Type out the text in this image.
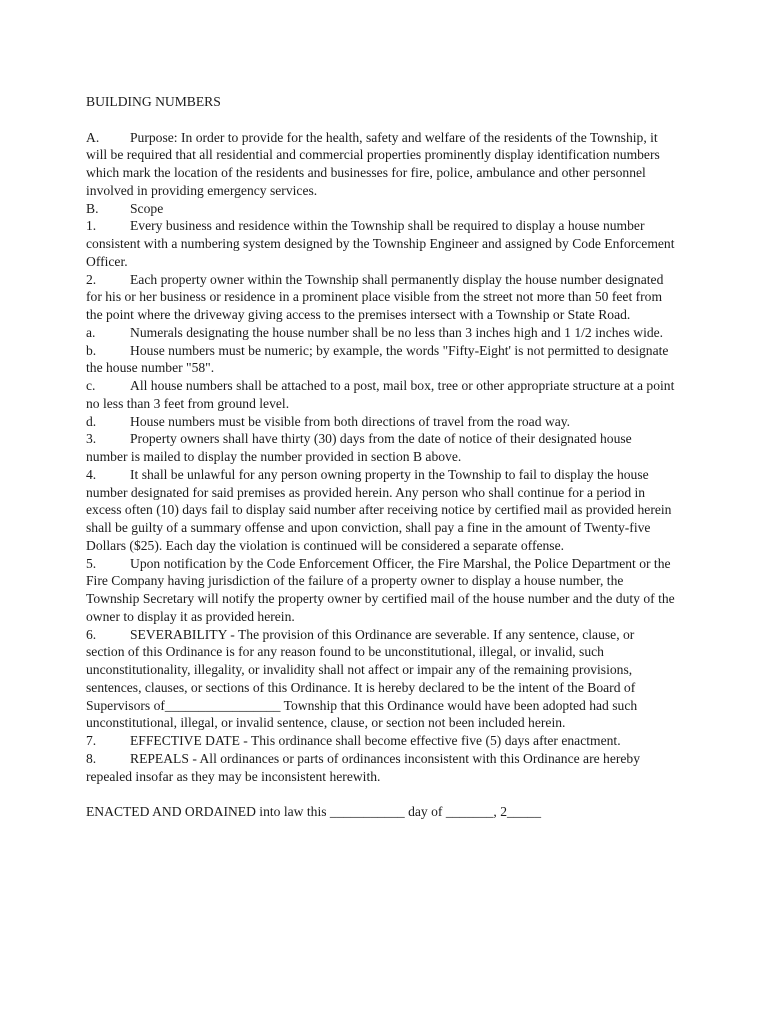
BUILDING NUMBERS

A. Purpose: In order to provide for the health, safety and welfare of the residents of the Township, it will be required that all residential and commercial properties prominently display identification numbers which mark the location of the residents and businesses for fire, police, ambulance and other personnel involved in providing emergency services.

B. Scope

1. Every business and residence within the Township shall be required to display a house number consistent with a numbering system designed by the Township Engineer and assigned by Code Enforcement Officer.

2. Each property owner within the Township shall permanently display the house number designated for his or her business or residence in a prominent place visible from the street not more than 50 feet from the point where the driveway giving access to the premises intersect with a Township or State Road.

a.	Numerals designating the house number shall be no less than 3 inches high and 1 1/2 inches wide.

b. House numbers must be numeric; by example, the words "Fifty-Eight' is not permitted to designate the house number "58".

c.	All house numbers shall be attached to a post, mail box, tree or other appropriate structure at a point no less than 3 feet from ground level.

d. House numbers must be visible from both directions of travel from the road way.

3. Property owners shall have thirty (30) days from the date of notice of their designated house number is mailed to display the number provided in section B above.

4. It shall be unlawful for any person owning property in the Township to fail to display the house number designated for said premises as provided herein. Any person who shall continue for a period in excess often (10) days fail to display said number after receiving notice by certified mail as provided herein shall be guilty of a summary offense and upon conviction, shall pay a fine in the amount of Twenty-five Dollars ($25). Each day the violation is continued will be considered a separate offense.

5. Upon notification by the Code Enforcement Officer, the Fire Marshal, the Police Department or the Fire Company having jurisdiction of the failure of a property owner to display a house number, the Township Secretary will notify the property owner by certified mail of the house number and the duty of the owner to display it as provided herein.

6. SEVERABILITY - The provision of this Ordinance are severable. If any sentence, clause, or section of this Ordinance is for any reason found to be unconstitutional, illegal, or invalid, such unconstitutionality, illegality, or invalidity shall not affect or impair any of the remaining provisions, sentences, clauses, or sections of this Ordinance. It is hereby declared to be the intent of the Board of Supervisors of_________________ Township that this Ordinance would have been adopted had such unconstitutional, illegal, or invalid sentence, clause, or section not been included herein.

7. EFFECTIVE DATE - This ordinance shall become effective five (5) days after enactment.

8. REPEALS - All ordinances or parts of ordinances inconsistent with this Ordinance are hereby repealed insofar as they may be inconsistent herewith.

ENACTED AND ORDAINED into law this ___________ day of _______, 2_____
